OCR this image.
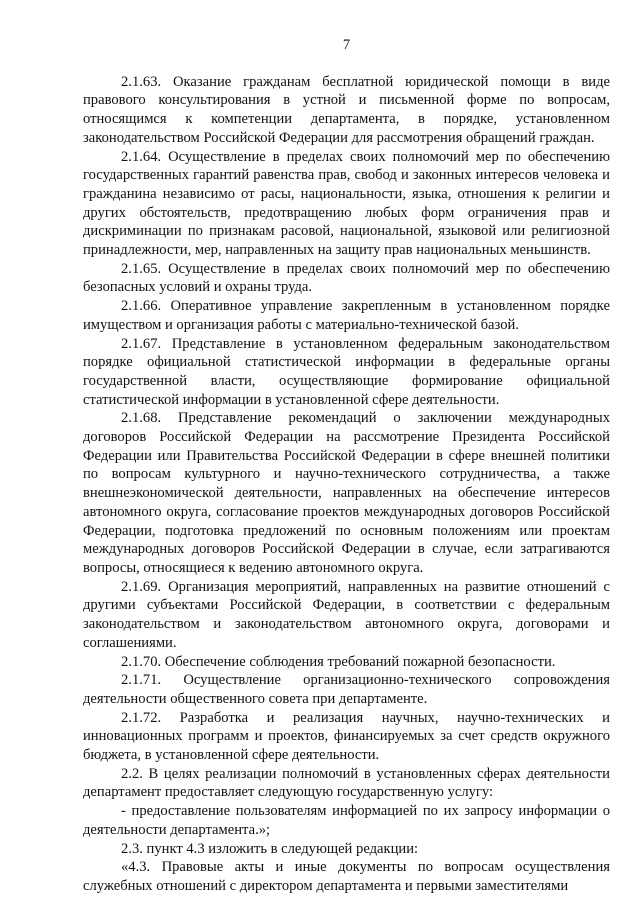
7

2.1.63. Оказание гражданам бесплатной юридической помощи в виде правового консультирования в устной и письменной форме по вопросам, относящимся к компетенции департамента, в порядке, установленном законодательством Российской Федерации для рассмотрения обращений граждан.

2.1.64. Осуществление в пределах своих полномочий мер по обеспечению государственных гарантий равенства прав, свобод и законных интересов человека и гражданина независимо от расы, национальности, языка, отношения к религии и других обстоятельств, предотвращению любых форм ограничения прав и дискриминации по признакам расовой, национальной, языковой или религиозной принадлежности, мер, направленных на защиту прав национальных меньшинств.

2.1.65. Осуществление в пределах своих полномочий мер по обеспечению безопасных условий и охраны труда.

2.1.66. Оперативное управление закрепленным в установленном порядке имуществом и организация работы с материально-технической базой.

2.1.67. Представление в установленном федеральным законодательством порядке официальной статистической информации в федеральные органы государственной власти, осуществляющие формирование официальной статистической информации в установленной сфере деятельности.

2.1.68. Представление рекомендаций о заключении международных договоров Российской Федерации на рассмотрение Президента Российской Федерации или Правительства Российской Федерации в сфере внешней политики по вопросам культурного и научно-технического сотрудничества, а также внешнеэкономической деятельности, направленных на обеспечение интересов автономного округа, согласование проектов международных договоров Российской Федерации, подготовка предложений по основным положениям или проектам международных договоров Российской Федерации в случае, если затрагиваются вопросы, относящиеся к ведению автономного округа.

2.1.69. Организация мероприятий, направленных на развитие отношений с другими субъектами Российской Федерации, в соответствии с федеральным законодательством и законодательством автономного округа, договорами и соглашениями.

2.1.70. Обеспечение соблюдения требований пожарной безопасности.

2.1.71. Осуществление организационно-технического сопровождения деятельности общественного совета при департаменте.

2.1.72. Разработка и реализация научных, научно-технических и инновационных программ и проектов, финансируемых за счет средств окружного бюджета, в установленной сфере деятельности.

2.2. В целях реализации полномочий в установленных сферах деятельности департамент предоставляет следующую государственную услугу:

- предоставление пользователям информацией по их запросу информации о деятельности департамента.»;

2.3. пункт 4.3 изложить в следующей редакции:

«4.3. Правовые акты и иные документы по вопросам осуществления служебных отношений с директором департамента и первыми заместителями
